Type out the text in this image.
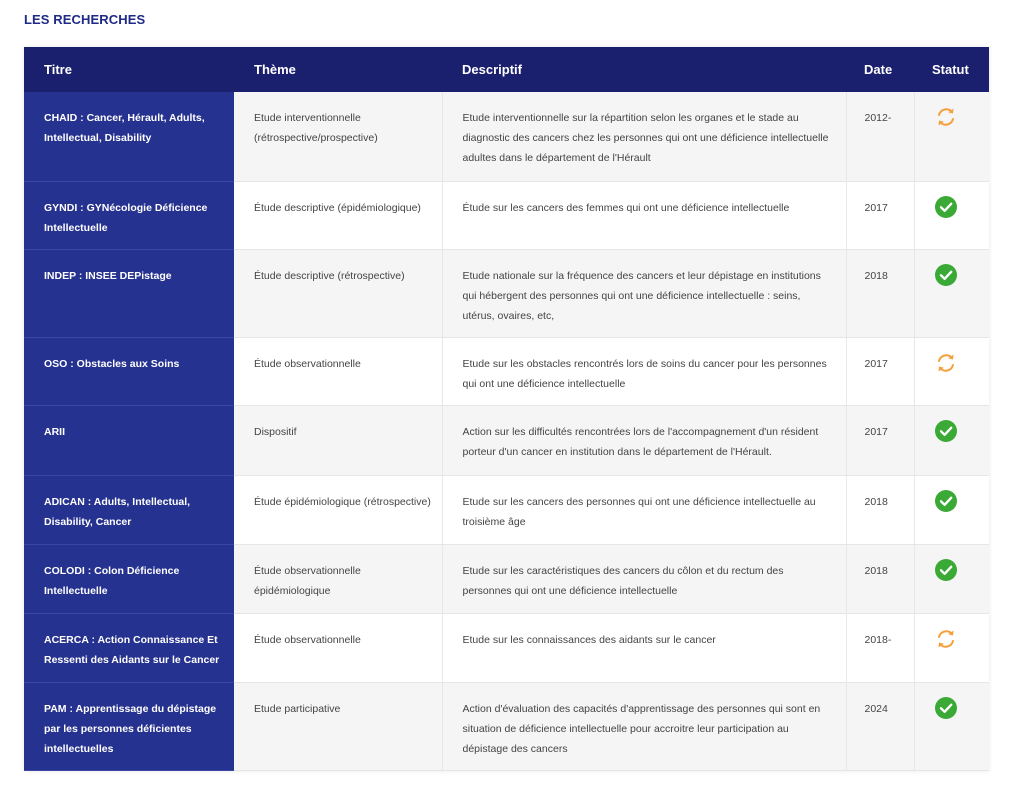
LES RECHERCHES
Titre	Thème	Descriptif	Date	Statut
CHAID : Cancer, Hérault, Adults, Intellectual, Disability	Etude interventionnelle (rétrospective/prospective)	Etude interventionnelle sur la répartition selon les organes et le stade au diagnostic des cancers chez les personnes qui ont une déficience intellectuelle adultes dans le département de l'Hérault	2012-	
GYNDI : GYNécologie Déficience Intellectuelle	Étude descriptive (épidémiologique)	Étude sur les cancers des femmes qui ont une déficience intellectuelle	2017	
INDEP : INSEE DEPistage	Étude descriptive (rétrospective)	Etude nationale sur la fréquence des cancers et leur dépistage en institutions qui hébergent des personnes qui ont une déficience intellectuelle : seins, utérus, ovaires, etc,	2018	
OSO : Obstacles aux Soins	Étude observationnelle	Etude sur les obstacles rencontrés lors de soins du cancer pour les personnes qui ont une déficience intellectuelle	2017	
ARII	Dispositif	Action sur les difficultés rencontrées lors de l'accompagnement d'un résident porteur d'un cancer en institution dans le département de l'Hérault.	2017	
ADICAN : Adults, Intellectual, Disability, Cancer	Étude épidémiologique (rétrospective)	Etude sur les cancers des personnes qui ont une déficience intellectuelle au troisième âge	2018	
COLODI : Colon Déficience Intellectuelle	Étude observationnelle épidémiologique	Etude sur les caractéristiques des cancers du côlon et du rectum des personnes qui ont une déficience intellectuelle	2018	
ACERCA : Action Connaissance Et Ressenti des Aidants sur le Cancer	Étude observationnelle	Etude sur les connaissances des aidants sur le cancer	2018-	
PAM : Apprentissage du dépistage par les personnes déficientes intellectuelles	Etude participative	Action d'évaluation des capacités d'apprentissage des personnes qui sont en situation de déficience intellectuelle pour accroitre leur participation au dépistage des cancers	2024	
